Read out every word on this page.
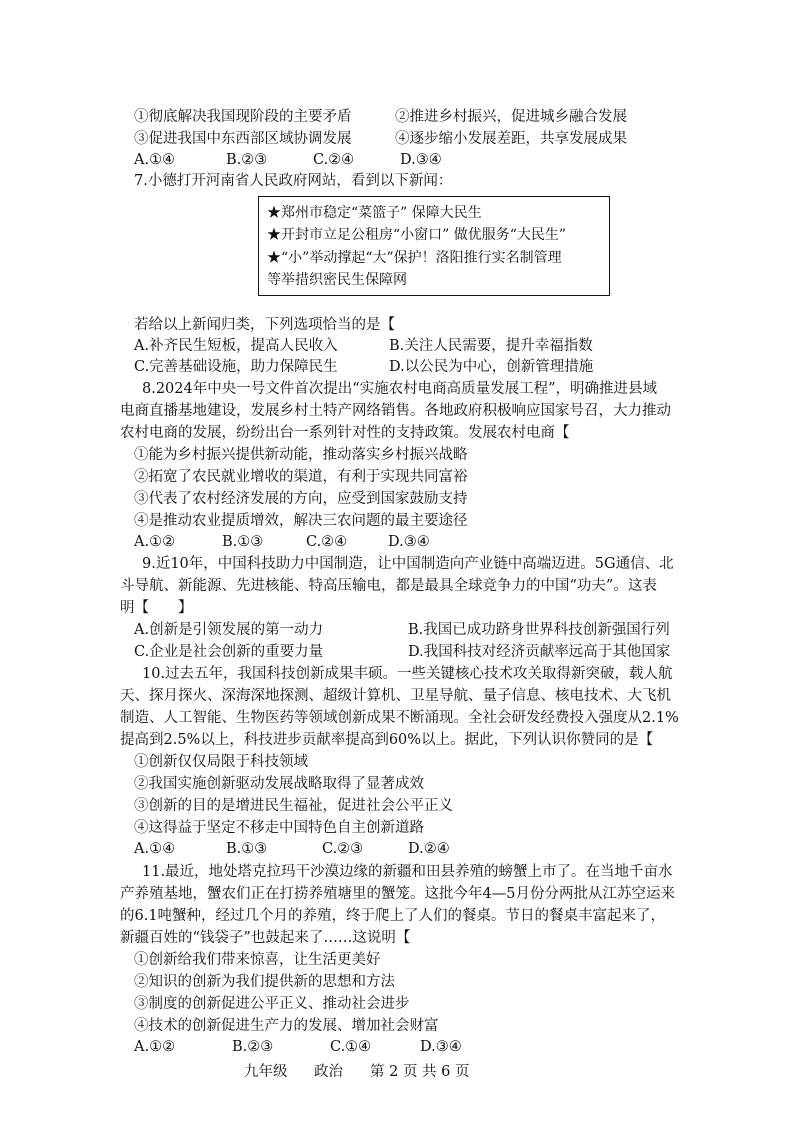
①彻底解决我国现阶段的主要矛盾	②推进乡村振兴，促进城乡融合发展
③促进我国中东西部区域协调发展	④逐步缩小发展差距，共享发展成果
A.①④	B.②③	C.②④	D.③④
7.小德打开河南省人民政府网站，看到以下新闻：
★郑州市稳定“菜篮子” 保障大民生
★开封市立足公租房“小窗口” 做优服务“大民生”
★“小”举动撑起“大”保护！洛阳推行实名制管理
等举措织密民生保障网
若给以上新闻归类，下列选项恰当的是【
A.补齐民生短板，提高人民收入	B.关注人民需要，提升幸福指数
C.完善基础设施，助力保障民生	D.以公民为中心，创新管理措施
8.2024年中央一号文件首次提出“实施农村电商高质量发展工程”，明确推进县域
电商直播基地建设，发展乡村土特产网络销售。各地政府积极响应国家号召，大力推动
农村电商的发展，纷纷出台一系列针对性的支持政策。发展农村电商【
①能为乡村振兴提供新动能，推动落实乡村振兴战略
②拓宽了农民就业增收的渠道，有利于实现共同富裕
③代表了农村经济发展的方向，应受到国家鼓励支持
④是推动农业提质增效，解决三农问题的最主要途径
A.①②	B.①③	C.②④	D.③④
9.近10年，中国科技助力中国制造，让中国制造向产业链中高端迈进。5G通信、北
斗导航、新能源、先进核能、特高压输电，都是最具全球竞争力的中国“功夫”。这表
明【　　】
A.创新是引领发展的第一动力	B.我国已成功跻身世界科技创新强国行列
C.企业是社会创新的重要力量	D.我国科技对经济贡献率远高于其他国家
10.过去五年，我国科技创新成果丰硕。一些关键核心技术攻关取得新突破，载人航
天、探月探火、深海深地探测、超级计算机、卫星导航、量子信息、核电技术、大飞机
制造、人工智能、生物医药等领域创新成果不断涌现。全社会研发经费投入强度从2.1%
提高到2.5%以上，科技进步贡献率提高到60%以上。据此，下列认识你赞同的是【
①创新仅仅局限于科技领域
②我国实施创新驱动发展战略取得了显著成效
③创新的目的是增进民生福祉，促进社会公平正义
④这得益于坚定不移走中国特色自主创新道路
A.①④	B.①③	C.②③	D.②④
11.最近，地处塔克拉玛干沙漠边缘的新疆和田县养殖的螃蟹上市了。在当地千亩水
产养殖基地，蟹农们正在打捞养殖塘里的蟹笼。这批今年4—5月份分两批从江苏空运来
的6.1吨蟹种，经过几个月的养殖，终于爬上了人们的餐桌。节日的餐桌丰富起来了，
新疆百姓的“钱袋子”也鼓起来了……这说明【
①创新给我们带来惊喜，让生活更美好
②知识的创新为我们提供新的思想和方法
③制度的创新促进公平正义、推动社会进步
④技术的创新促进生产力的发展、增加社会财富
A.①②	B.②③	C.①④	D.③④
九年级 政治 第 2 页 共 6 页
